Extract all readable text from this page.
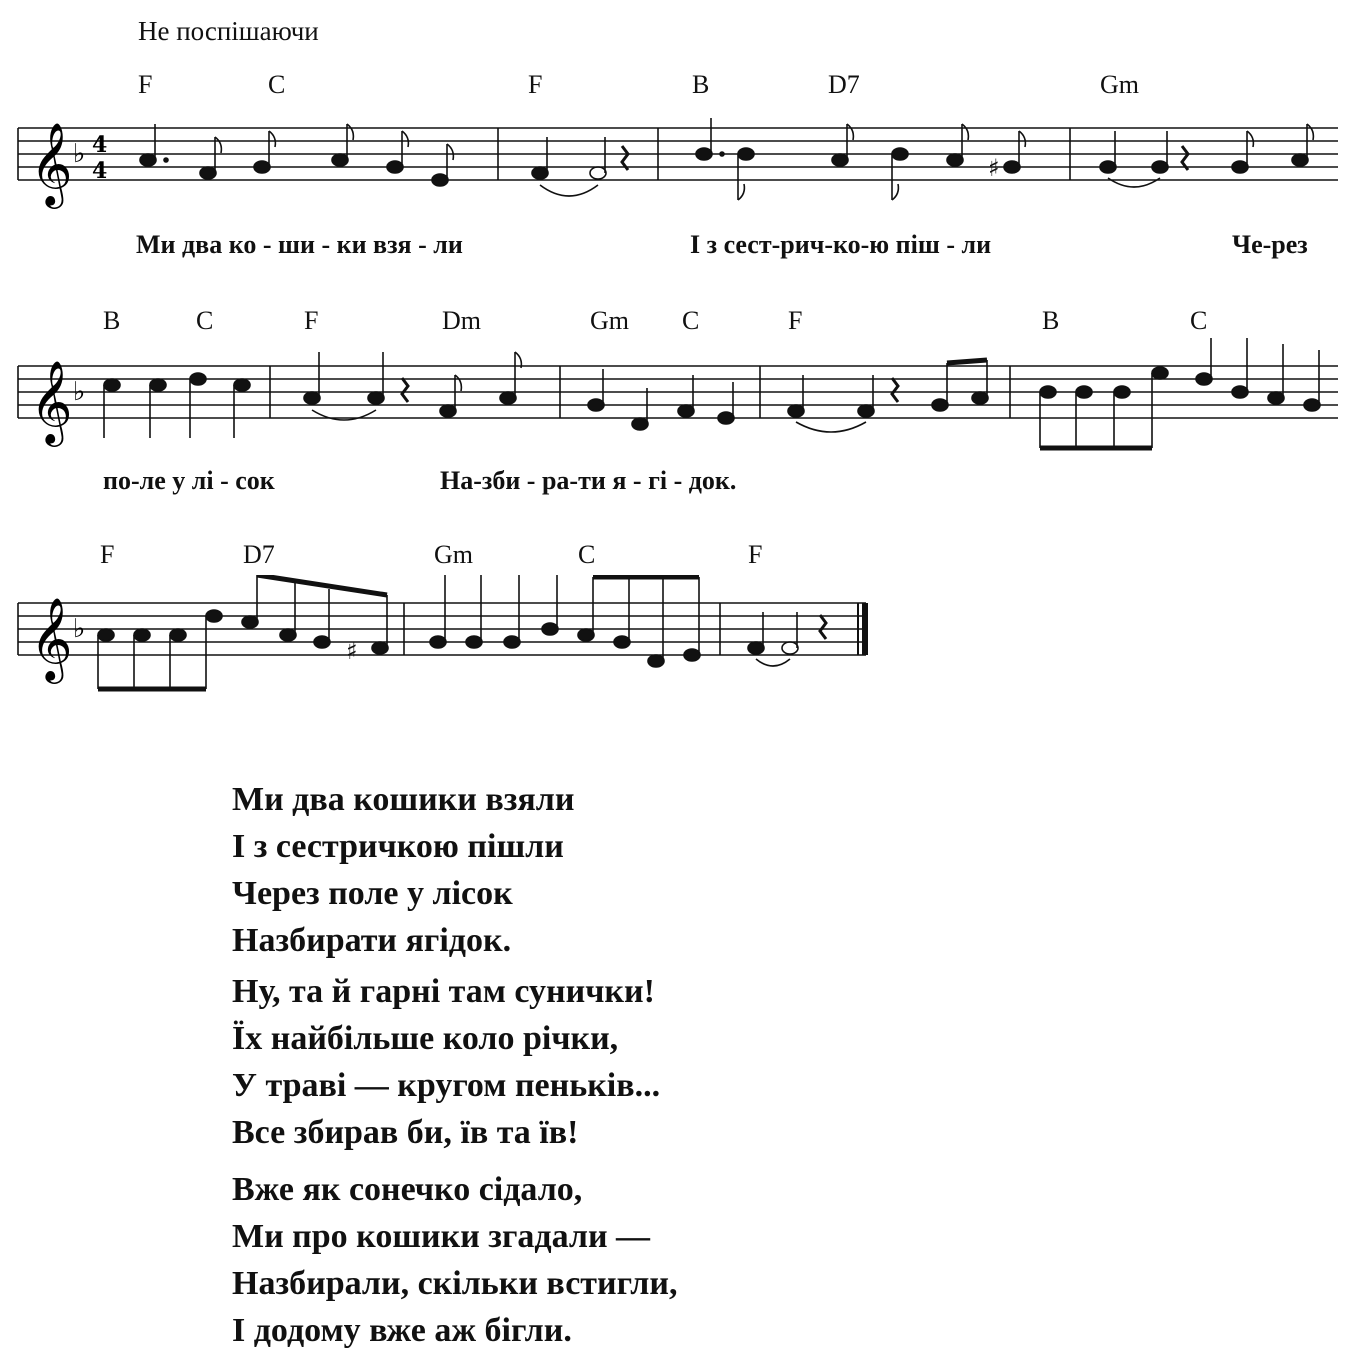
Не поспішаючи
F	C	F	B	D7	Gm
𝄞 ♭ 4
4	♯
Ми два ко - ши - ки взя - ли	І з сест-рич-ко-ю піш - ли	Че-рез
B	C	F	Dm	Gm C	F	B	C
𝄞 ♭
по-ле у лі - сок	На-зби - ра-ти я - гі - док.
F	D7	Gm	C	F
𝄞 ♭
♯
Ми два кошики взяли
І з сестричкою пішли
Через поле у лісок
Назбирати ягідок.
Ну, та й гарні там сунички!
Їх найбільше коло річки,
У траві — кругом пеньків...
Все збирав би, їв та їв!
Вже як сонечко сідало,
Ми про кошики згадали —
Назбирали, скільки встигли,
І додому вже аж бігли.
